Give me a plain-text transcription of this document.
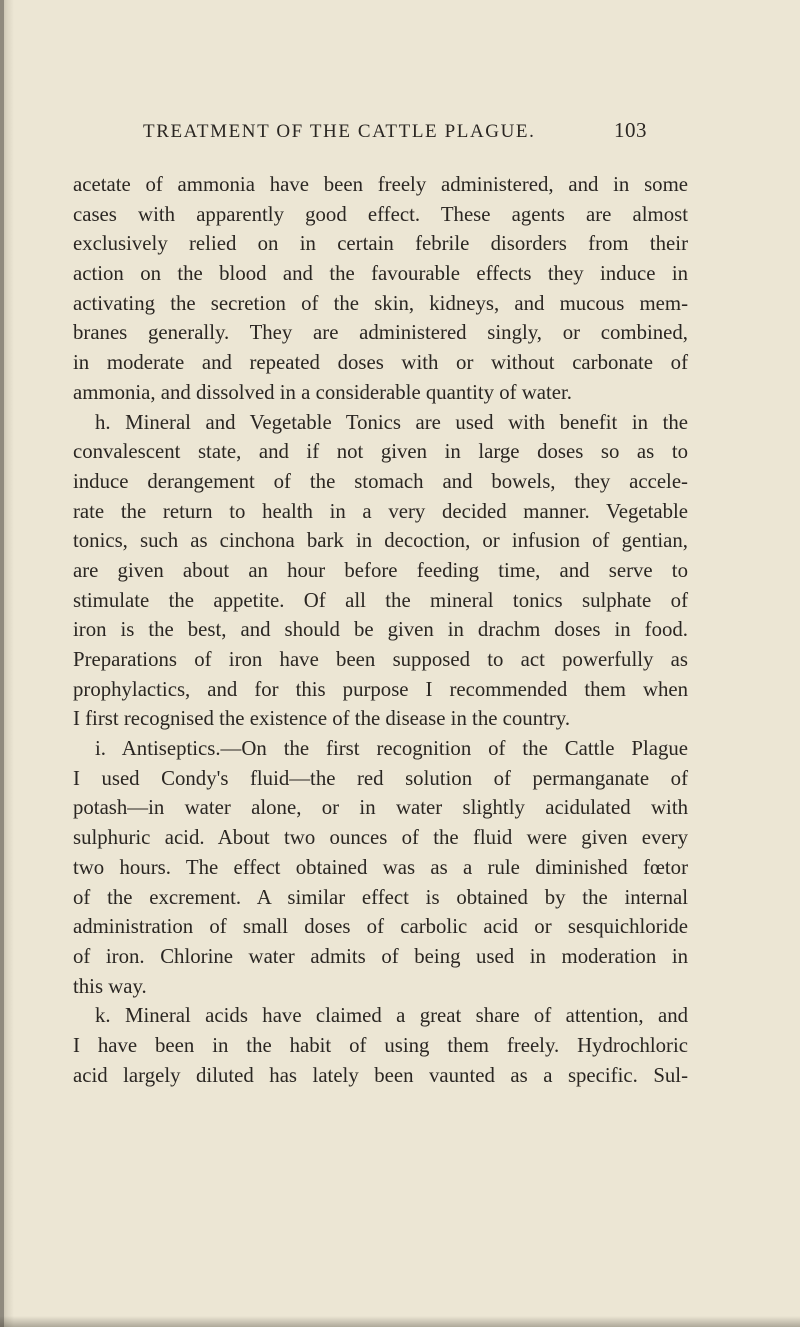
TREATMENT OF THE CATTLE PLAGUE.	103
acetate of ammonia have been freely administered, and in some
cases with apparently good effect. These agents are almost
exclusively relied on in certain febrile disorders from their
action on the blood and the favourable effects they induce in
activating the secretion of the skin, kidneys, and mucous mem-
branes generally. They are administered singly, or combined,
in moderate and repeated doses with or without carbonate of
ammonia, and dissolved in a considerable quantity of water.
h. Mineral and Vegetable Tonics are used with benefit in the
convalescent state, and if not given in large doses so as to
induce derangement of the stomach and bowels, they accele-
rate the return to health in a very decided manner. Vegetable
tonics, such as cinchona bark in decoction, or infusion of gentian,
are given about an hour before feeding time, and serve to
stimulate the appetite. Of all the mineral tonics sulphate of
iron is the best, and should be given in drachm doses in food.
Preparations of iron have been supposed to act powerfully as
prophylactics, and for this purpose I recommended them when
I first recognised the existence of the disease in the country.
i. Antiseptics.—On the first recognition of the Cattle Plague
I used Condy's fluid—the red solution of permanganate of
potash—in water alone, or in water slightly acidulated with
sulphuric acid. About two ounces of the fluid were given every
two hours. The effect obtained was as a rule diminished fœtor
of the excrement. A similar effect is obtained by the internal
administration of small doses of carbolic acid or sesquichloride
of iron. Chlorine water admits of being used in moderation in
this way.
k. Mineral acids have claimed a great share of attention, and
I have been in the habit of using them freely. Hydrochloric
acid largely diluted has lately been vaunted as a specific. Sul-
